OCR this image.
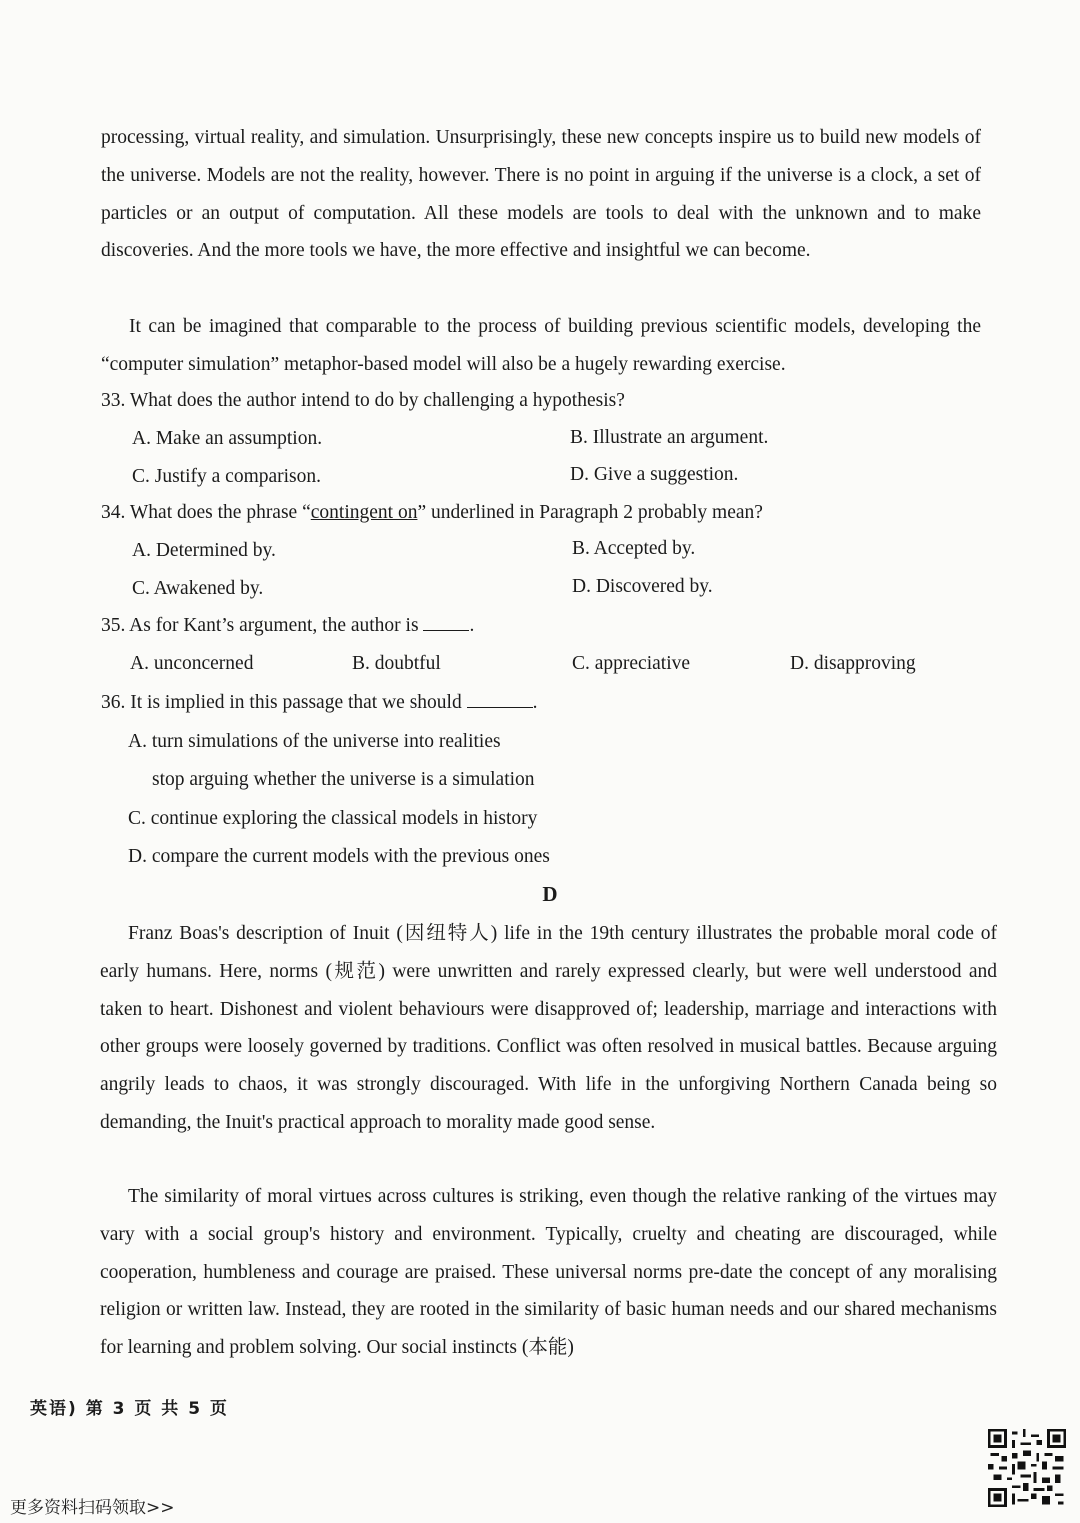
processing, virtual reality, and simulation. Unsurprisingly, these new concepts inspire us to build new models of the universe. Models are not the reality, however. There is no point in arguing if the universe is a clock, a set of particles or an output of computation. All these models are tools to deal with the unknown and to make discoveries. And the more tools we have, the more effective and insightful we can become.

It can be imagined that comparable to the process of building previous scientific models, developing the “computer simulation” metaphor-based model will also be a hugely rewarding exercise.

33. What does the author intend to do by challenging a hypothesis?
A. Make an assumption.	B. Illustrate an argument.
C. Justify a comparison.	D. Give a suggestion.
34. What does the phrase “contingent on” underlined in Paragraph 2 probably mean?
A. Determined by.	B. Accepted by.
C. Awakened by.	D. Discovered by.
35. As for Kant’s argument, the author is	.
A. unconcerned	B. doubtful	C. appreciative	D. disapproving
36. It is implied in this passage that we should	.
A. turn simulations of the universe into realities
stop arguing whether the universe is a simulation
C. continue exploring the classical models in history
D. compare the current models with the previous ones
D

Franz Boas's description of Inuit (因纽特人) life in the 19th century illustrates the probable moral code of early humans. Here, norms (规范) were unwritten and rarely expressed clearly, but were well understood and taken to heart. Dishonest and violent behaviours were disapproved of; leadership, marriage and interactions with other groups were loosely governed by traditions. Conflict was often resolved in musical battles. Because arguing angrily leads to chaos, it was strongly discouraged. With life in the unforgiving Northern Canada being so demanding, the Inuit's practical approach to morality made good sense.

The similarity of moral virtues across cultures is striking, even though the relative ranking of the virtues may vary with a social group's history and environment. Typically, cruelty and cheating are discouraged, while cooperation, humbleness and courage are praised. These universal norms pre-date the concept of any moralising religion or written law. Instead, they are rooted in the similarity of basic human needs and our shared mechanisms for learning and problem solving. Our social instincts (本能)

英语) 第 3 页 共 5 页
更多资料扫码领取>>
